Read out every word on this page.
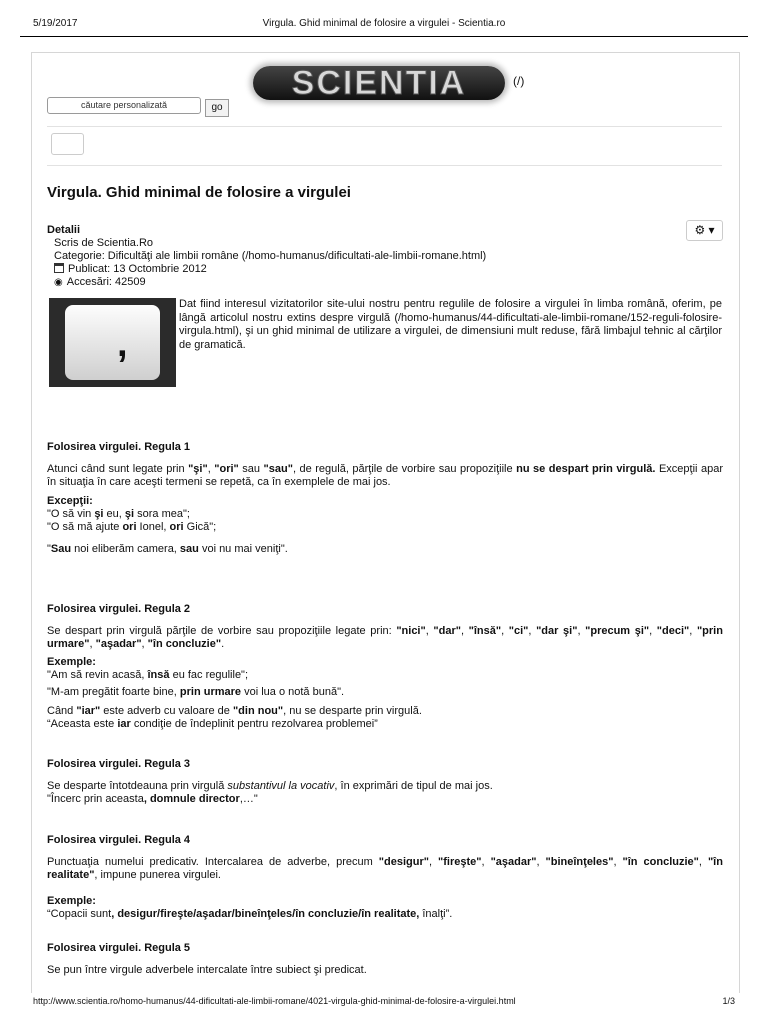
5/19/2017	Virgula. Ghid minimal de folosire a virgulei - Scientia.ro
SCIENTIA	(/)
căutare personalizată	go
Virgula. Ghid minimal de folosire a virgulei
Detalii	⚙ ▾
Scris de Scientia.Ro
Categorie: Dificultăţi ale limbii române (/homo-humanus/dificultati-ale-limbii-romane.html)
Publicat: 13 Octombrie 2012
◉ Accesări: 42509
,
Dat fiind interesul vizitatorilor site-ului nostru pentru regulile de folosire a virgulei în limba română, oferim, pe lângă articolul nostru extins despre virgulă (/homo-humanus/44-dificultati-ale-limbii-romane/152-reguli-folosire-virgula.html), şi un ghid minimal de utilizare a virgulei, de dimensiuni mult reduse, fără limbajul tehnic al cărţilor de gramatică.

Folosirea virgulei. Regula 1

Atunci când sunt legate prin "şi", "ori" sau "sau", de regulă, părţile de vorbire sau propoziţiile nu se despart prin virgulă. Excepţii apar în situaţia în care aceşti termeni se repetă, ca în exemplele de mai jos.

Excepţii:

"O să vin şi eu, şi sora mea";

"O să mă ajute ori Ionel, ori Gică";

"Sau noi eliberăm camera, sau voi nu mai veniţi".

Folosirea virgulei. Regula 2

Se despart prin virgulă părţile de vorbire sau propoziţiile legate prin: "nici", "dar", "însă", "ci", "dar şi", "precum şi", "deci", "prin urmare", "aşadar", "în concluzie".

Exemple:

"Am să revin acasă, însă eu fac regulile";

"M-am pregătit foarte bine, prin urmare voi lua o notă bună".

Când "iar" este adverb cu valoare de "din nou", nu se desparte prin virgulă.

“Aceasta este iar condiţie de îndeplinit pentru rezolvarea problemei”

Folosirea virgulei. Regula 3

Se desparte întotdeauna prin virgulă substantivul la vocativ, în exprimări de tipul de mai jos.

"Încerc prin aceasta, domnule director,…"

Folosirea virgulei. Regula 4

Punctuaţia numelui predicativ. Intercalarea de adverbe, precum "desigur", "fireşte", "aşadar", "bineînţeles", "în concluzie", "în realitate", impune punerea virgulei.

Exemple:

“Copacii sunt, desigur/fireşte/aşadar/bineînţeles/în concluzie/în realitate, înalţi”.

Folosirea virgulei. Regula 5

Se pun între virgule adverbele intercalate între subiect şi predicat.

http://www.scientia.ro/homo-humanus/44-dificultati-ale-limbii-romane/4021-virgula-ghid-minimal-de-folosire-a-virgulei.html	1/3
